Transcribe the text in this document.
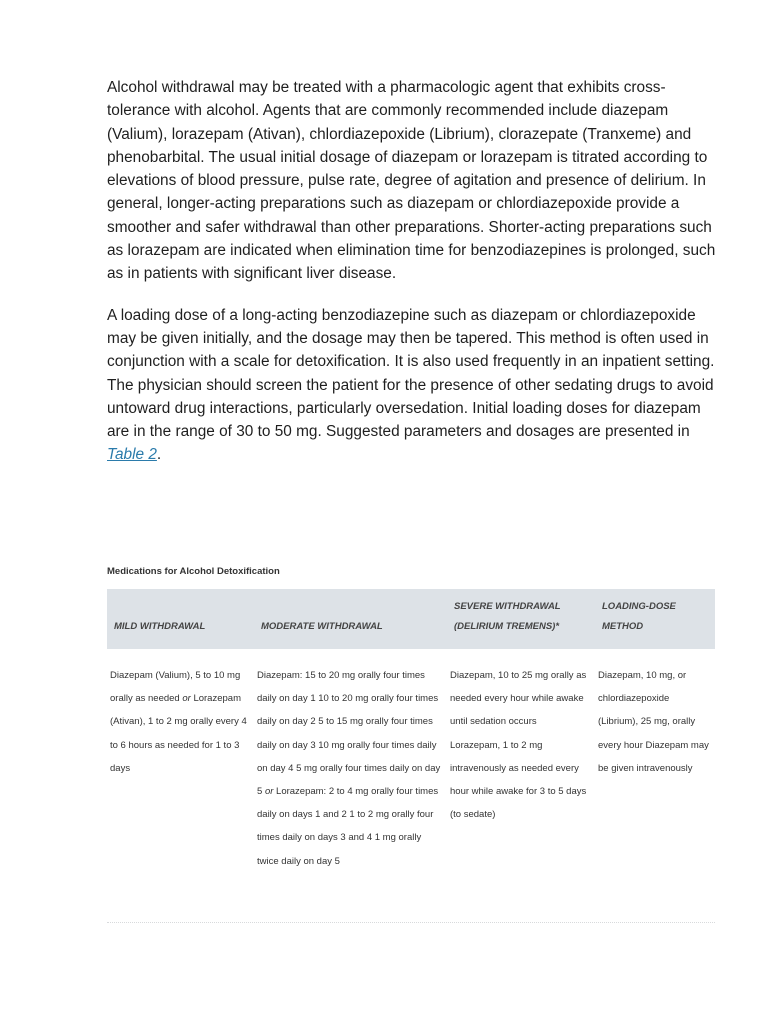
Alcohol withdrawal may be treated with a pharmacologic agent that exhibits cross-tolerance with alcohol. Agents that are commonly recommended include diazepam (Valium), lorazepam (Ativan), chlordiazepoxide (Librium), clorazepate (Tranxeme) and phenobarbital. The usual initial dosage of diazepam or lorazepam is titrated according to elevations of blood pressure, pulse rate, degree of agitation and presence of delirium. In general, longer-acting preparations such as diazepam or chlordiazepoxide provide a smoother and safer withdrawal than other preparations. Shorter-acting preparations such as lorazepam are indicated when elimination time for benzodiazepines is prolonged, such as in patients with significant liver disease.

A loading dose of a long-acting benzodiazepine such as diazepam or chlordiazepoxide may be given initially, and the dosage may then be tapered. This method is often used in conjunction with a scale for detoxification. It is also used frequently in an inpatient setting. The physician should screen the patient for the presence of other sedating drugs to avoid untoward drug interactions, particularly oversedation. Initial loading doses for diazepam are in the range of 30 to 50 mg. Suggested parameters and dosages are presented in Table 2.

Medications for Alcohol Detoxification
MILD WITHDRAWAL	MODERATE WITHDRAWAL	SEVERE WITHDRAWAL (DELIRIUM TREMENS)*	LOADING-DOSE METHOD
Diazepam (Valium), 5 to 10 mg orally as needed or Lorazepam (Ativan), 1 to 2 mg orally every 4 to 6 hours as needed for 1 to 3 days	Diazepam: 15 to 20 mg orally four times daily on day 1 10 to 20 mg orally four times daily on day 2 5 to 15 mg orally four times daily on day 3 10 mg orally four times daily on day 4 5 mg orally four times daily on day 5 or Lorazepam: 2 to 4 mg orally four times daily on days 1 and 2 1 to 2 mg orally four times daily on days 3 and 4 1 mg orally twice daily on day 5	Diazepam, 10 to 25 mg orally as needed every hour while awake until sedation occurs Lorazepam, 1 to 2 mg intravenously as needed every hour while awake for 3 to 5 days (to sedate)	Diazepam, 10 mg, or chlordiazepoxide (Librium), 25 mg, orally every hour Diazepam may be given intravenously
